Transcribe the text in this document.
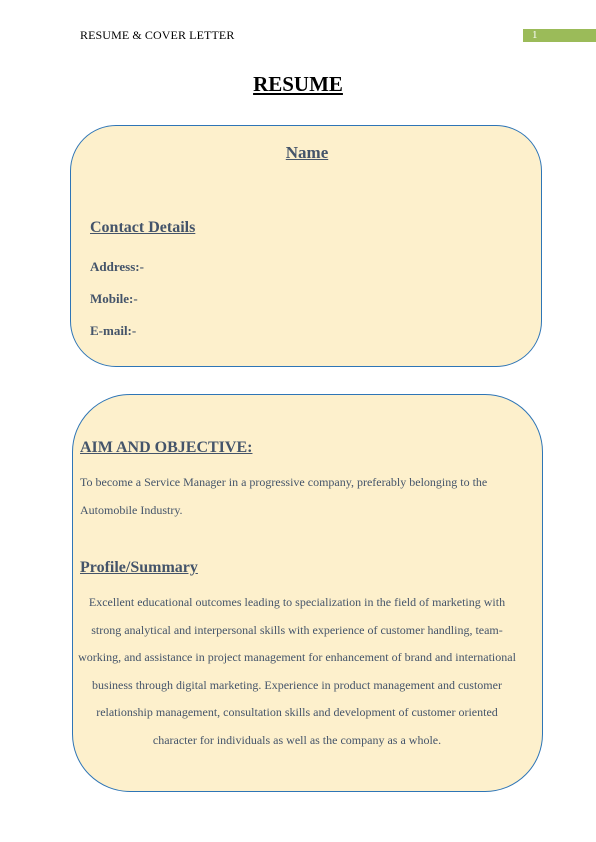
RESUME & COVER LETTER	1
RESUME
Name
Contact Details
Address:-
Mobile:-
E-mail:-
AIM AND OBJECTIVE:
To become a Service Manager in a progressive company, preferably belonging to the Automobile Industry.
Profile/Summary
Excellent educational outcomes leading to specialization in the field of marketing with strong analytical and interpersonal skills with experience of customer handling, team-working, and assistance in project management for enhancement of brand and international business through digital marketing. Experience in product management and customer relationship management, consultation skills and development of customer oriented character for individuals as well as the company as a whole.
